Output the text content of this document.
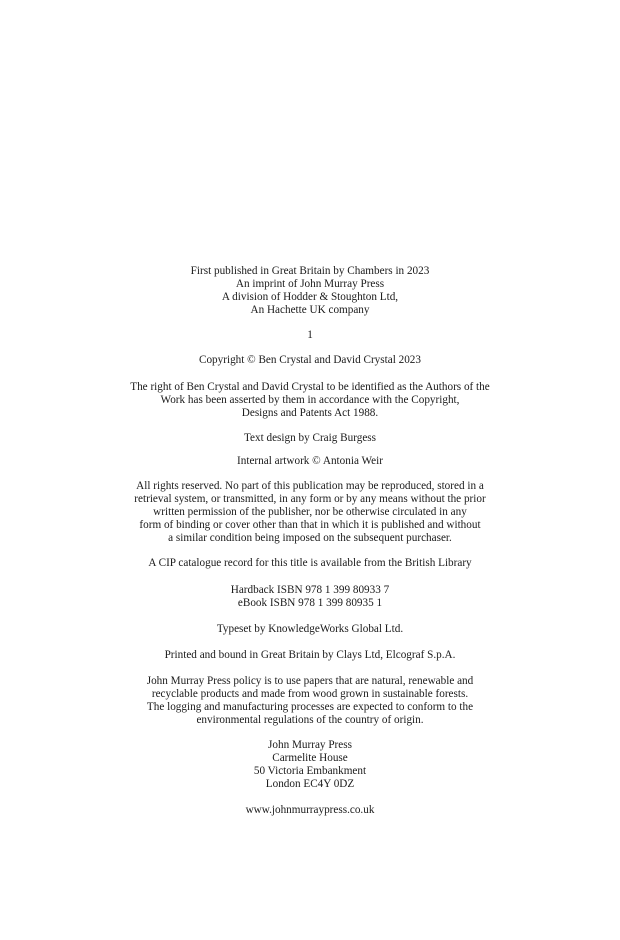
First published in Great Britain by Chambers in 2023
An imprint of John Murray Press
A division of Hodder & Stoughton Ltd,
An Hachette UK company
1
Copyright © Ben Crystal and David Crystal 2023
The right of Ben Crystal and David Crystal to be identified as the Authors of the
Work has been asserted by them in accordance with the Copyright,
Designs and Patents Act 1988.
Text design by Craig Burgess
Internal artwork © Antonia Weir
All rights reserved. No part of this publication may be reproduced, stored in a
retrieval system, or transmitted, in any form or by any means without the prior
written permission of the publisher, nor be otherwise circulated in any
form of binding or cover other than that in which it is published and without
a similar condition being imposed on the subsequent purchaser.
A CIP catalogue record for this title is available from the British Library
Hardback ISBN 978 1 399 80933 7
eBook ISBN 978 1 399 80935 1
Typeset by KnowledgeWorks Global Ltd.
Printed and bound in Great Britain by Clays Ltd, Elcograf S.p.A.
John Murray Press policy is to use papers that are natural, renewable and
recyclable products and made from wood grown in sustainable forests.
The logging and manufacturing processes are expected to conform to the
environmental regulations of the country of origin.
John Murray Press
Carmelite House
50 Victoria Embankment
London EC4Y 0DZ
www.johnmurraypress.co.uk
